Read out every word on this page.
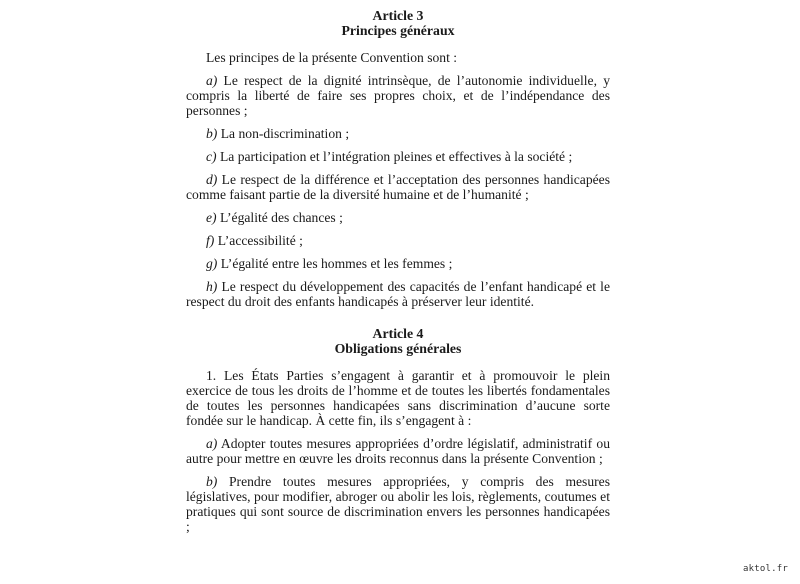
Article 3

Principes généraux

Les principes de la présente Convention sont :

a) Le respect de la dignité intrinsèque, de l’autonomie individuelle, y compris la liberté de faire ses propres choix, et de l’indépendance des personnes ;

b) La non-discrimination ;

c) La participation et l’intégration pleines et effectives à la société ;

d) Le respect de la différence et l’acceptation des personnes handicapées comme faisant partie de la diversité humaine et de l’humanité ;

e) L’égalité des chances ;

f) L’accessibilité ;

g) L’égalité entre les hommes et les femmes ;

h) Le respect du développement des capacités de l’enfant handicapé et le respect du droit des enfants handicapés à préserver leur identité.

Article 4

Obligations générales

1. Les États Parties s’engagent à garantir et à promouvoir le plein exercice de tous les droits de l’homme et de toutes les libertés fondamentales de toutes les personnes handicapées sans discrimination d’aucune sorte fondée sur le handicap. À cette fin, ils s’engagent à :

a) Adopter toutes mesures appropriées d’ordre législatif, administratif ou autre pour mettre en œuvre les droits reconnus dans la présente Convention ;

b) Prendre toutes mesures appropriées, y compris des mesures législatives, pour modifier, abroger ou abolir les lois, règlements, coutumes et pratiques qui sont source de discrimination envers les personnes handicapées ;

aktol.fr
